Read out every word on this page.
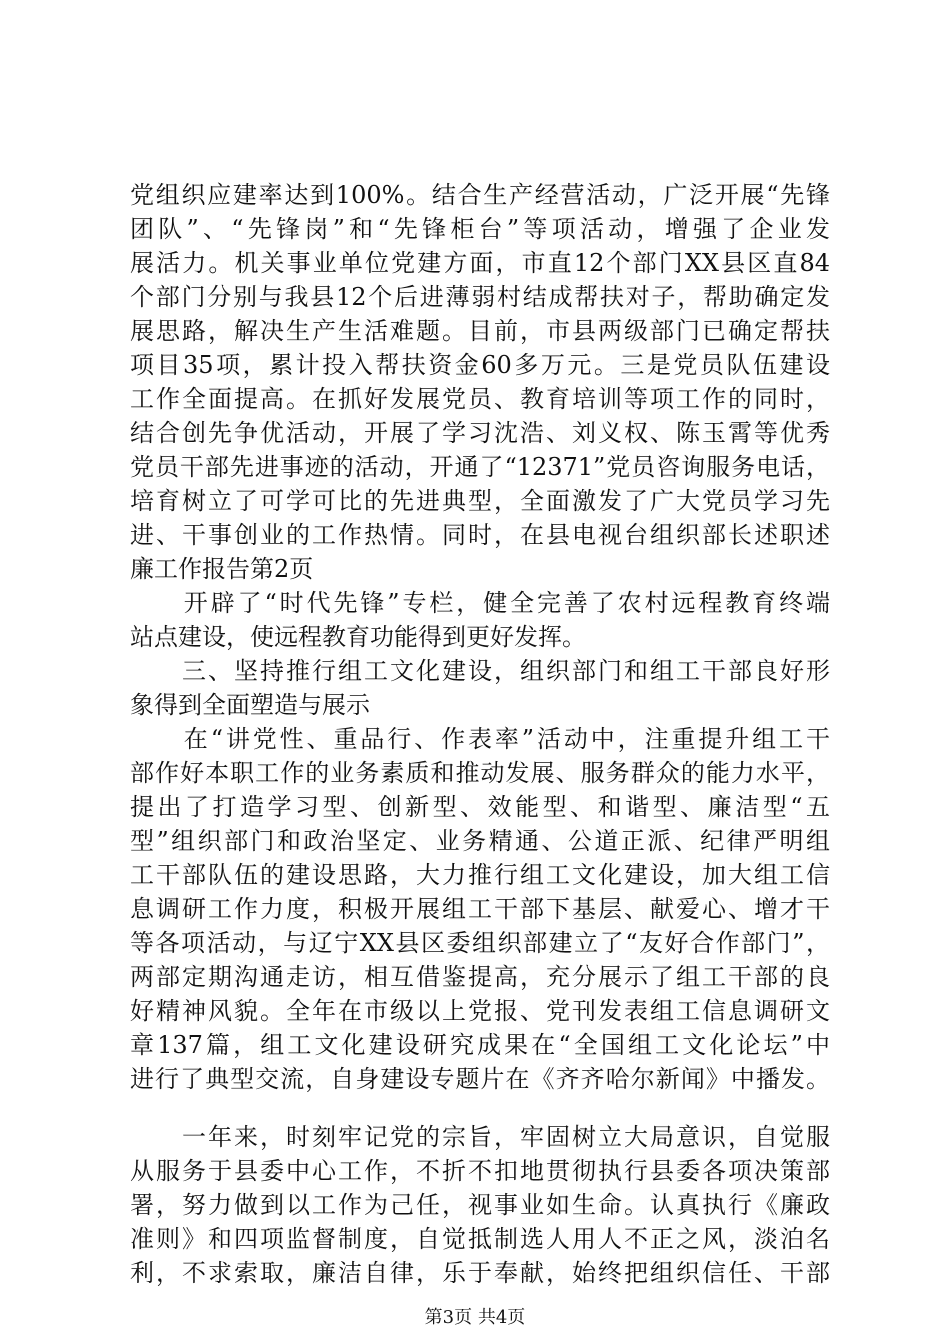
党组织应建率达到100%。结合生产经营活动，广泛开展“先锋
团队”、“先锋岗”和“先锋柜台”等项活动，增强了企业发
展活力。机关事业单位党建方面，市直12个部门XX县区直84
个部门分别与我县12个后进薄弱村结成帮扶对子，帮助确定发
展思路，解决生产生活难题。目前，市县两级部门已确定帮扶
项目35项，累计投入帮扶资金60多万元。三是党员队伍建设
工作全面提高。在抓好发展党员、教育培训等项工作的同时，
结合创先争优活动，开展了学习沈浩、刘义权、陈玉霄等优秀
党员干部先进事迹的活动，开通了“12371”党员咨询服务电话，
培育树立了可学可比的先进典型，全面激发了广大党员学习先
进、干事创业的工作热情。同时，在县电视台组织部长述职述
廉工作报告第2页
　　开辟了“时代先锋”专栏，健全完善了农村远程教育终端
站点建设，使远程教育功能得到更好发挥。
　　三、坚持推行组工文化建设，组织部门和组工干部良好形
象得到全面塑造与展示
　　在“讲党性、重品行、作表率”活动中，注重提升组工干
部作好本职工作的业务素质和推动发展、服务群众的能力水平，
提出了打造学习型、创新型、效能型、和谐型、廉洁型“五
型”组织部门和政治坚定、业务精通、公道正派、纪律严明组
工干部队伍的建设思路，大力推行组工文化建设，加大组工信
息调研工作力度，积极开展组工干部下基层、献爱心、增才干
等各项活动，与辽宁XX县区委组织部建立了“友好合作部门”，
两部定期沟通走访，相互借鉴提高，充分展示了组工干部的良
好精神风貌。全年在市级以上党报、党刊发表组工信息调研文
章137篇，组工文化建设研究成果在“全国组工文化论坛”中
进行了典型交流，自身建设专题片在《齐齐哈尔新闻》中播发。
　　一年来，时刻牢记党的宗旨，牢固树立大局意识，自觉服
从服务于县委中心工作，不折不扣地贯彻执行县委各项决策部
署，努力做到以工作为己任，视事业如生命。认真执行《廉政
准则》和四项监督制度，自觉抵制选人用人不正之风，淡泊名
利，不求索取，廉洁自律，乐于奉献，始终把组织信任、干部
第3页 共4页
